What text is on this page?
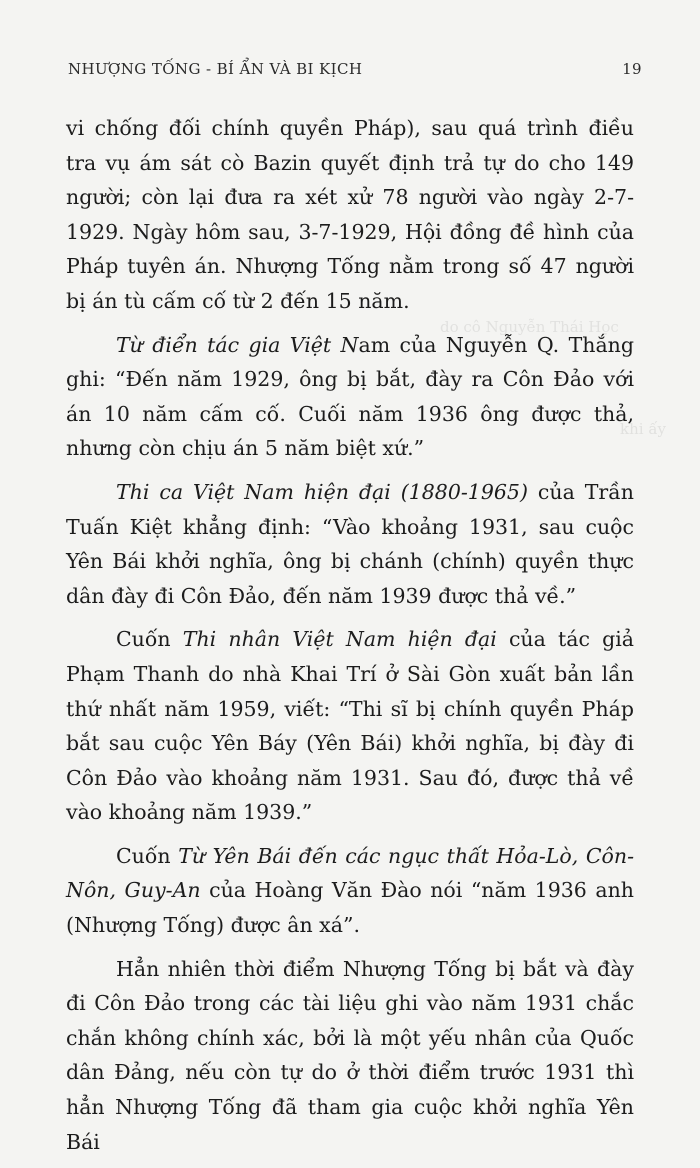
NHƯỢNG TỐNG - BÍ ẨN VÀ BI KỊCH	19
do cô Nguyễn Thái Học
khi ấy

vi chống đối chính quyền Pháp), sau quá trình điều tra vụ ám sát cò Bazin quyết định trả tự do cho 149 người; còn lại đưa ra xét xử 78 người vào ngày 2-7-1929. Ngày hôm sau, 3-7-1929, Hội đồng đề hình của Pháp tuyên án. Nhượng Tống nằm trong số 47 người bị án tù cấm cố từ 2 đến 15 năm.

Từ điển tác gia Việt Nam của Nguyễn Q. Thắng ghi: “Đến năm 1929, ông bị bắt, đày ra Côn Đảo với án 10 năm cấm cố. Cuối năm 1936 ông được thả, nhưng còn chịu án 5 năm biệt xứ.”

Thi ca Việt Nam hiện đại (1880-1965) của Trần Tuấn Kiệt khẳng định: “Vào khoảng 1931, sau cuộc Yên Bái khởi nghĩa, ông bị chánh (chính) quyền thực dân đày đi Côn Đảo, đến năm 1939 được thả về.”

Cuốn Thi nhân Việt Nam hiện đại của tác giả Phạm Thanh do nhà Khai Trí ở Sài Gòn xuất bản lần thứ nhất năm 1959, viết: “Thi sĩ bị chính quyền Pháp bắt sau cuộc Yên Báy (Yên Bái) khởi nghĩa, bị đày đi Côn Đảo vào khoảng năm 1931. Sau đó, được thả về vào khoảng năm 1939.”

Cuốn Từ Yên Bái đến các ngục thất Hỏa-Lò, Côn-Nôn, Guy-An của Hoàng Văn Đào nói “năm 1936 anh (Nhượng Tống) được ân xá”.

Hẳn nhiên thời điểm Nhượng Tống bị bắt và đày đi Côn Đảo trong các tài liệu ghi vào năm 1931 chắc chắn không chính xác, bởi là một yếu nhân của Quốc dân Đảng, nếu còn tự do ở thời điểm trước 1931 thì hẳn Nhượng Tống đã tham gia cuộc khởi nghĩa Yên Bái
